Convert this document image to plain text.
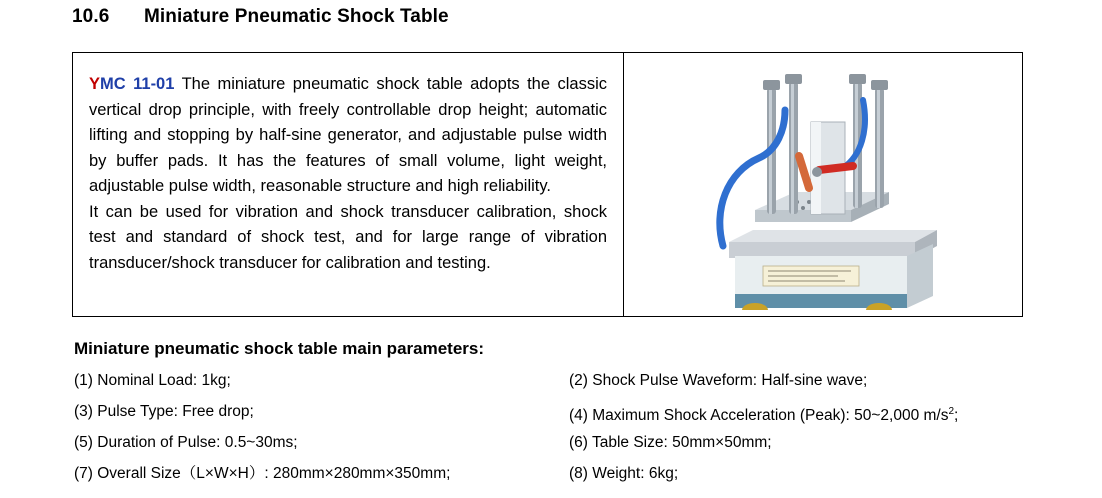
10.6 Miniature Pneumatic Shock Table

YMC 11-01 The miniature pneumatic shock table adopts the classic vertical drop principle, with freely controllable drop height; automatic lifting and stopping by half-sine generator, and adjustable pulse width by buffer pads. It has the features of small volume, light weight, adjustable pulse width, reasonable structure and high reliability.

It can be used for vibration and shock transducer calibration, shock test and standard of shock test, and for large range of vibration transducer/shock transducer for calibration and testing.

Miniature pneumatic shock table main parameters:
(1) Nominal Load: 1kg;	(2) Shock Pulse Waveform: Half-sine wave;
(3) Pulse Type: Free drop;	(4) Maximum Shock Acceleration (Peak): 50~2,000 $m/s^2$;
(5) Duration of Pulse: 0.5~30ms;	(6) Table Size: 50mm×50mm;
(7) Overall Size（L×W×H）: 280mm×280mm×350mm;	(8) Weight: 6kg;
